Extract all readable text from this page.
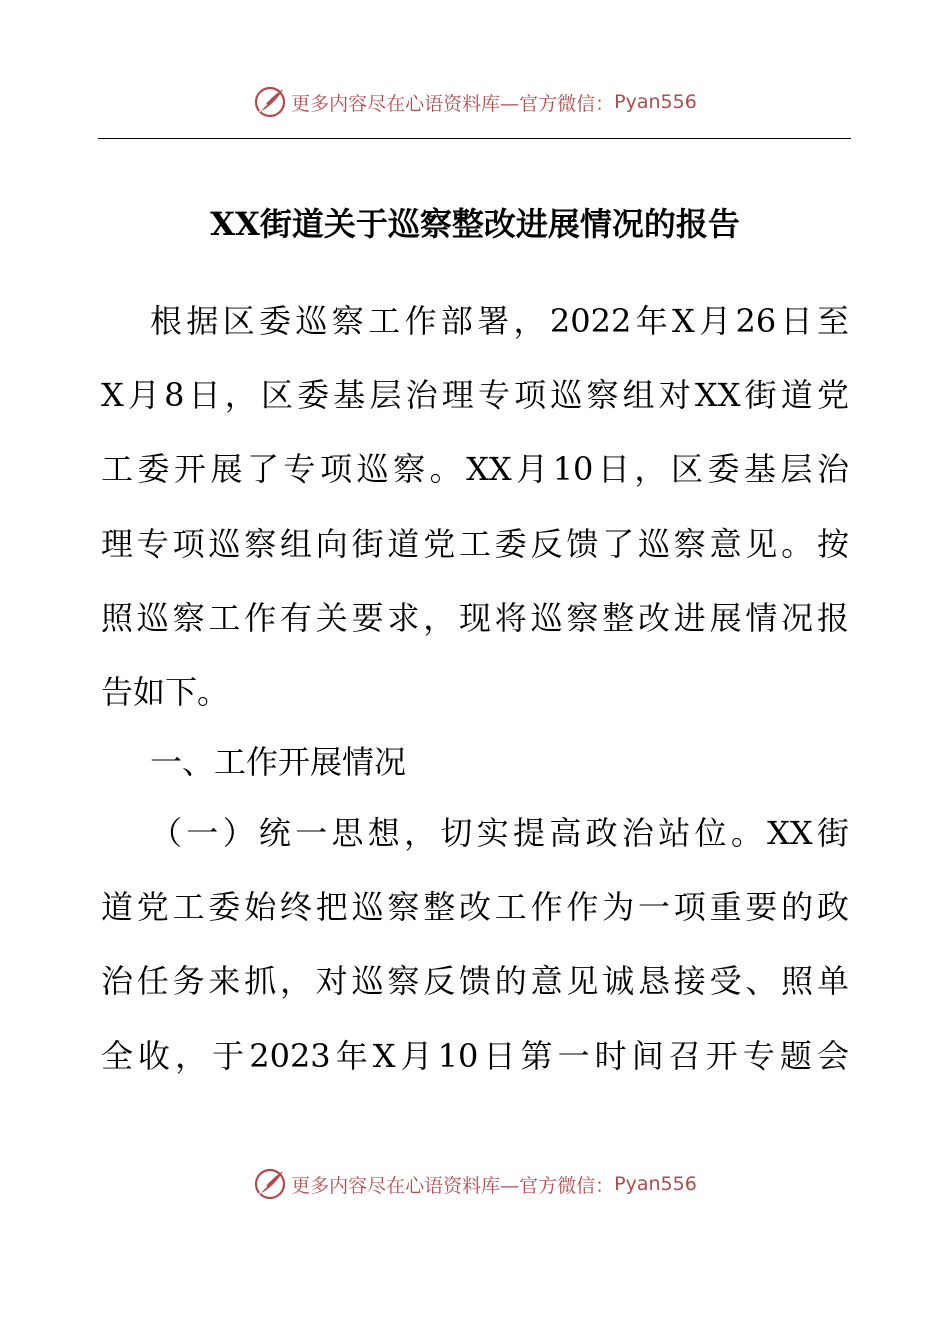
更多内容尽在心语资料库—官方微信： Pyan556
XX街道关于巡察整改进展情况的报告
根据区委巡察工作部署，2022年X月26日至
X月8日，区委基层治理专项巡察组对XX街道党
工委开展了专项巡察。XX月10日，区委基层治
理专项巡察组向街道党工委反馈了巡察意见。按
照巡察工作有关要求，现将巡察整改进展情况报
告如下。
一、工作开展情况
（一）统一思想，切实提高政治站位。XX街
道党工委始终把巡察整改工作作为一项重要的政
治任务来抓，对巡察反馈的意见诚恳接受、照单
全收，于2023年X月10日第一时间召开专题会
更多内容尽在心语资料库—官方微信： Pyan556
